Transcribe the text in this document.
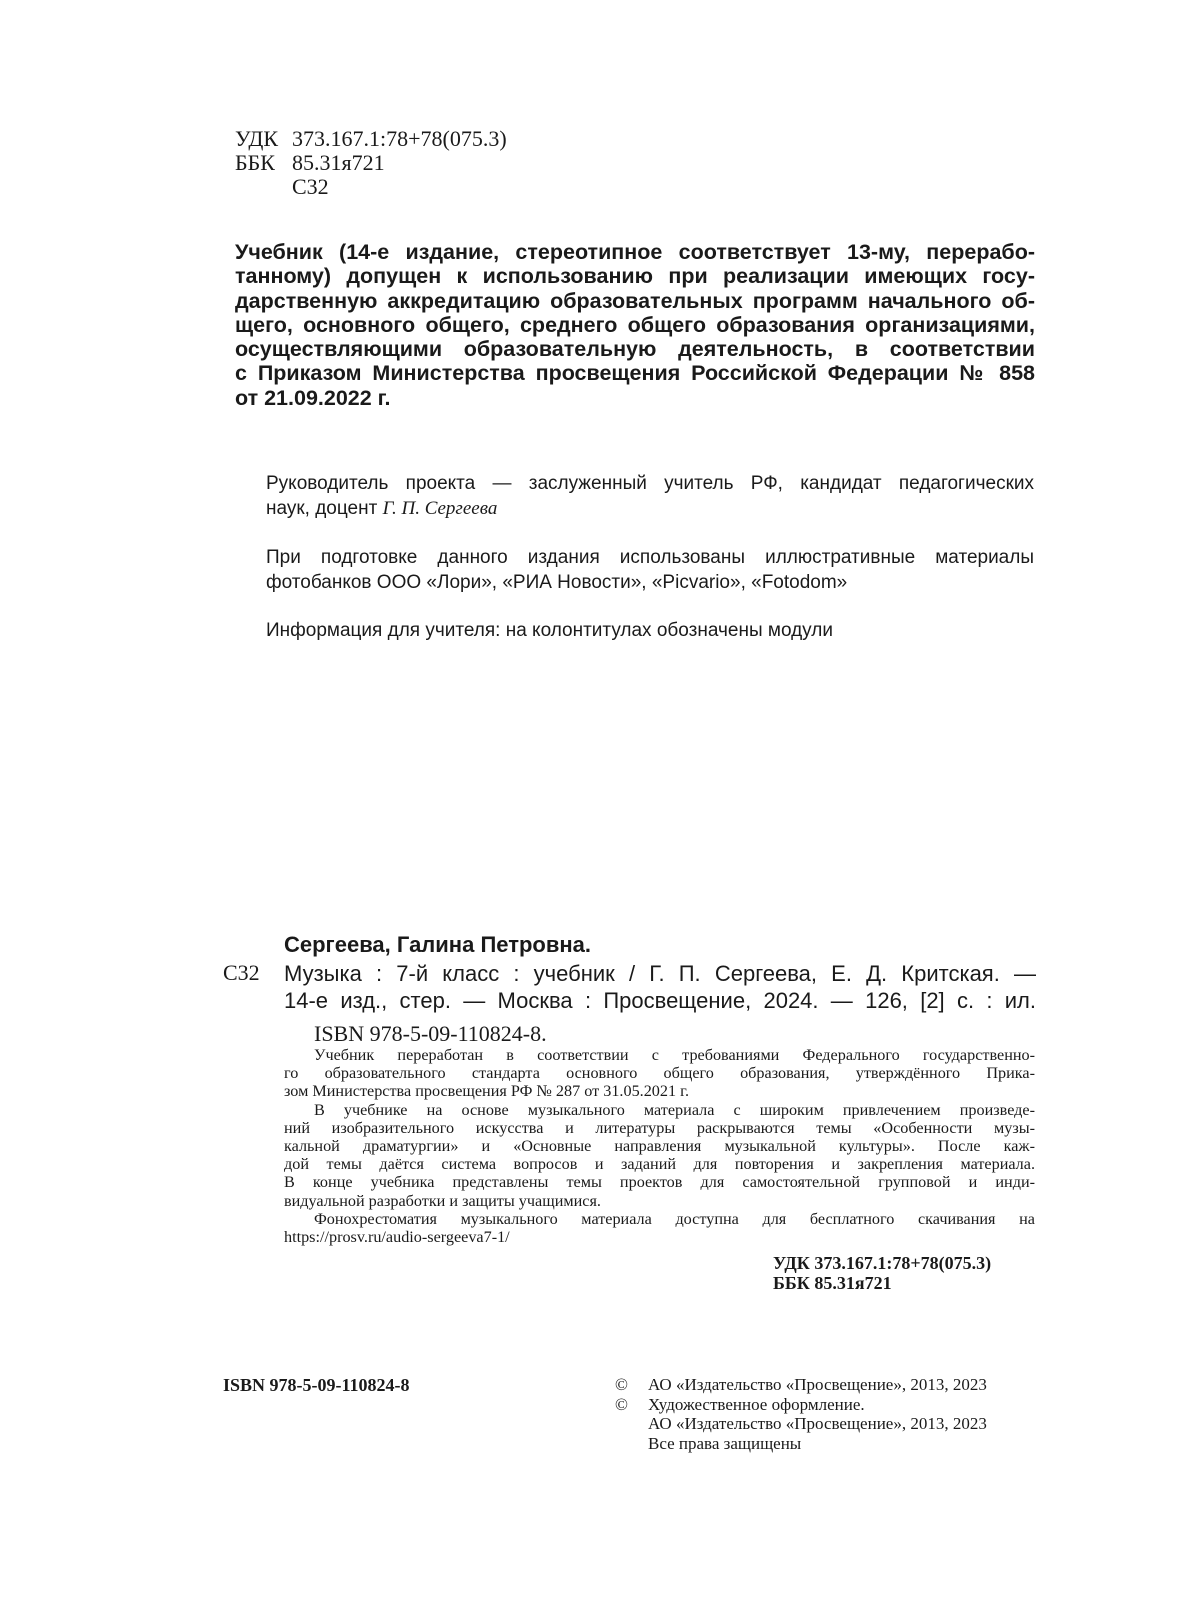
УДК 373.167.1:78+78(075.3)
ББК 85.31я721
С32
Учебник (14-е издание, стереотипное соответствует 13-му, перерабо-
танному) допущен к использованию при реализации имеющих госу-
дарственную аккредитацию образовательных программ начального об-
щего, основного общего, среднего общего образования организациями,
осуществляющими образовательную деятельность, в соответствии
с Приказом Министерства просвещения Российской Федерации № 858
от 21.09.2022 г.
Руководитель проекта — заслуженный учитель РФ, кандидат педагогических
наук, доцент Г. П. Сергеева
При подготовке данного издания использованы иллюстративные материалы
фотобанков ООО «Лори», «РИА Новости», «Picvario», «Fotodom»
Информация для учителя: на колонтитулах обозначены модули
Сергеева, Галина Петровна.
С32 Музыка : 7-й класс : учебник / Г. П. Сергеева, Е. Д. Критская. —
14-е изд., стер. — Москва : Просвещение, 2024. — 126, [2] с. : ил.
ISBN 978-5-09-110824-8.
Учебник переработан в соответствии с требованиями Федерального государственно-
го образовательного стандарта основного общего образования, утверждённого Прика-
зом Министерства просвещения РФ № 287 от 31.05.2021 г.
В учебнике на основе музыкального материала с широким привлечением произведе-
ний изобразительного искусства и литературы раскрываются темы «Особенности музы-
кальной драматургии» и «Основные направления музыкальной культуры». После каж-
дой темы даётся система вопросов и заданий для повторения и закрепления материала.
В конце учебника представлены темы проектов для самостоятельной групповой и инди-
видуальной разработки и защиты учащимися.
Фонохрестоматия музыкального материала доступна для бесплатного скачивания на
https://prosv.ru/audio-sergeeva7-1/
УДК 373.167.1:78+78(075.3)
ББК 85.31я721
ISBN 978-5-09-110824-8	©	АО «Издательство «Просвещение», 2013, 2023
©	Художественное оформление.
АО «Издательство «Просвещение», 2013, 2023
Все права защищены
